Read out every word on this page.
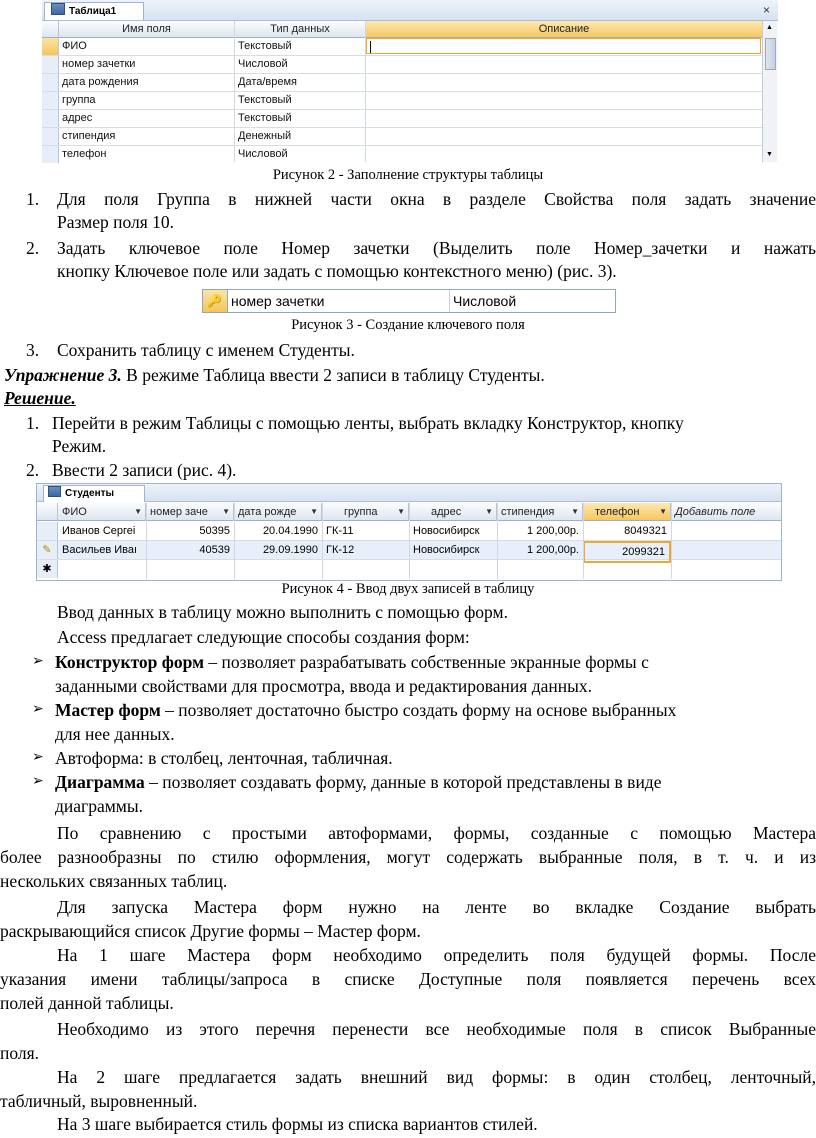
Таблица1	×
Имя поля	Тип данных	Описание
ФИО	Текстовый
номер зачетки	Числовой
дата рождения	Дата/время
группа	Текстовый
адрес	Текстовый
стипендия	Денежный
телефон	Числовой
▲
▼
Рисунок 2 - Заполнение структуры таблицы
1. Для поля Группа в нижней части окна в разделе Свойства поля задать значение
Размер поля 10.
2. Задать ключевое поле Номер зачетки (Выделить поле Номер_зачетки и нажать
кнопку Ключевое поле или задать с помощью контекстного меню) (рис. 3).
🔑 номер зачетки	Числовой
Рисунок 3 - Создание ключевого поля
3. Сохранить таблицу с именем Студенты.
Упражнение 3. В режиме Таблица ввести 2 записи в таблицу Студенты.
Решение.
1. Перейти в режим Таблицы с помощью ленты, выбрать вкладку Конструктор, кнопку
Режим.
2. Ввести 2 записи (рис. 4).
Студенты
ФИО	▼ номер заче ▼ дата рожде ▼	группа ▼	адрес	▼ стипендия ▼	телефон ▼ Добавить поле
Иванов Сергеi	50395	20.04.1990 ГК-11	Новосибирск	1 200,00р.	8049321
✎ Васильев Иваı	40539	29.09.1990 ГК-12	Новосибирск	1 200,00р.	2099321
✱
Рисунок 4 - Ввод двух записей в таблицу
Ввод данных в таблицу можно выполнить с помощью форм.
Access предлагает следующие способы создания форм:
➢ Конструктор форм – позволяет разрабатывать собственные экранные формы с
заданными свойствами для просмотра, ввода и редактирования данных.
➢ Мастер форм – позволяет достаточно быстро создать форму на основе выбранных
для нее данных.
➢ Автоформа: в столбец, ленточная, табличная.
➢ Диаграмма – позволяет создавать форму, данные в которой представлены в виде
диаграммы.
По сравнению с простыми автоформами, формы, созданные с помощью Мастера
более разнообразны по стилю оформления, могут содержать выбранные поля, в т. ч. и из
нескольких связанных таблиц.
Для запуска Мастера форм нужно на ленте во вкладке Создание выбрать
раскрывающийся список Другие формы – Мастер форм.
На 1 шаге Мастера форм необходимо определить поля будущей формы. После
указания имени таблицы/запроса в списке Доступные поля появляется перечень всех
полей данной таблицы.
Необходимо из этого перечня перенести все необходимые поля в список Выбранные
поля.
На 2 шаге предлагается задать внешний вид формы: в один столбец, ленточный,
табличный, выровненный.
На 3 шаге выбирается стиль формы из списка вариантов стилей.
